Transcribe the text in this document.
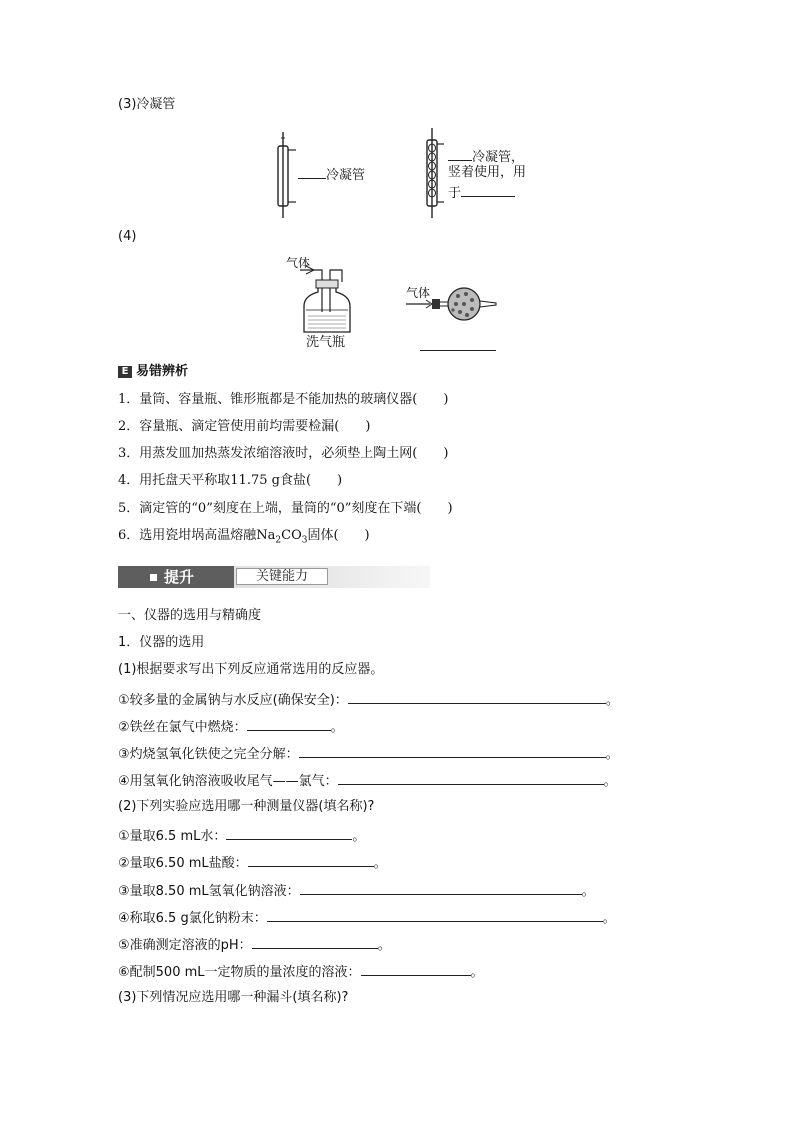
(3)冷凝管
冷凝管
冷凝管，
竖着使用，用
于
(4)
气体
洗气瓶
气体
E 易错辨析
1．量筒、容量瓶、锥形瓶都是不能加热的玻璃仪器(　　)
2．容量瓶、滴定管使用前均需要检漏(　　)
3．用蒸发皿加热蒸发浓缩溶液时，必须垫上陶土网(　　)
4．用托盘天平称取11.75 g食盐(　　)
5．滴定管的“0”刻度在上端，量筒的“0”刻度在下端(　　)
6．选用瓷坩埚高温熔融$Na_2CO_3$固体(　　)
提升	关键能力
一、仪器的选用与精确度
1．仪器的选用
(1)根据要求写出下列反应通常选用的反应器。
①较多量的金属钠与水反应(确保安全)：	。
②铁丝在氯气中燃烧：	。
③灼烧氢氧化铁使之完全分解：	。
④用氢氧化钠溶液吸收尾气——氯气：	。
(2)下列实验应选用哪一种测量仪器(填名称)?
①量取6.5 mL水：	。
②量取6.50 mL盐酸：	。
③量取8.50 mL氢氧化钠溶液：	。
④称取6.5 g氯化钠粉末：	。
⑤准确测定溶液的pH：	。
⑥配制500 mL一定物质的量浓度的溶液：	。
(3)下列情况应选用哪一种漏斗(填名称)?
